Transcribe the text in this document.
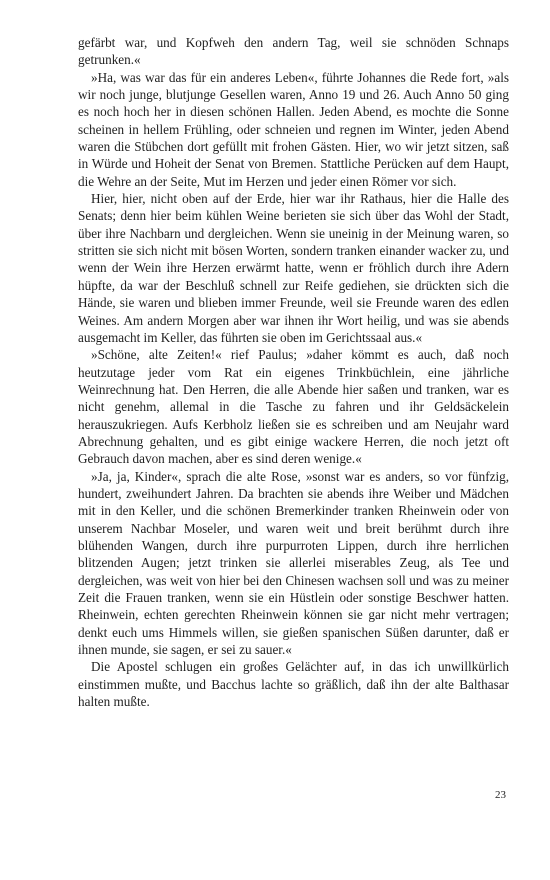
gefärbt war, und Kopfweh den andern Tag, weil sie schnöden Schnaps getrunken.«

»Ha, was war das für ein anderes Leben«, führte Johannes die Rede fort, »als wir noch junge, blutjunge Gesellen waren, Anno 19 und 26. Auch Anno 50 ging es noch hoch her in diesen schönen Hallen. Jeden Abend, es mochte die Sonne scheinen in hellem Frühling, oder schneien und regnen im Winter, jeden Abend waren die Stübchen dort gefüllt mit frohen Gästen. Hier, wo wir jetzt sitzen, saß in Würde und Hoheit der Senat von Bremen. Stattliche Perücken auf dem Haupt, die Wehre an der Seite, Mut im Herzen und jeder einen Römer vor sich.

Hier, hier, nicht oben auf der Erde, hier war ihr Rathaus, hier die Halle des Senats; denn hier beim kühlen Weine berieten sie sich über das Wohl der Stadt, über ihre Nachbarn und dergleichen. Wenn sie uneinig in der Meinung waren, so stritten sie sich nicht mit bösen Worten, sondern tranken einander wacker zu, und wenn der Wein ihre Herzen erwärmt hatte, wenn er fröhlich durch ihre Adern hüpfte, da war der Beschluß schnell zur Reife gediehen, sie drückten sich die Hände, sie waren und blieben immer Freunde, weil sie Freunde waren des edlen Weines. Am andern Morgen aber war ihnen ihr Wort heilig, und was sie abends ausgemacht im Keller, das führten sie oben im Gerichtssaal aus.«

»Schöne, alte Zeiten!« rief Paulus; »daher kömmt es auch, daß noch heutzutage jeder vom Rat ein eigenes Trinkbüchlein, eine jährliche Weinrechnung hat. Den Herren, die alle Abende hier saßen und tranken, war es nicht genehm, allemal in die Tasche zu fahren und ihr Geldsäckelein herauszukriegen. Aufs Kerbholz ließen sie es schreiben und am Neujahr ward Abrechnung gehalten, und es gibt einige wackere Herren, die noch jetzt oft Gebrauch davon machen, aber es sind deren wenige.«

»Ja, ja, Kinder«, sprach die alte Rose, »sonst war es anders, so vor fünfzig, hundert, zweihundert Jahren. Da brachten sie abends ihre Weiber und Mädchen mit in den Keller, und die schönen Bremerkinder tranken Rheinwein oder von unserem Nachbar Moseler, und waren weit und breit berühmt durch ihre blühenden Wangen, durch ihre purpurroten Lippen, durch ihre herrlichen blitzenden Augen; jetzt trinken sie allerlei miserables Zeug, als Tee und dergleichen, was weit von hier bei den Chinesen wachsen soll und was zu meiner Zeit die Frauen tranken, wenn sie ein Hüstlein oder sonstige Beschwer hatten. Rheinwein, echten gerechten Rheinwein können sie gar nicht mehr vertragen; denkt euch ums Himmels willen, sie gießen spanischen Süßen darunter, daß er ihnen munde, sie sagen, er sei zu sauer.«

Die Apostel schlugen ein großes Gelächter auf, in das ich unwillkürlich einstimmen mußte, und Bacchus lachte so gräßlich, daß ihn der alte Balthasar halten mußte.

23
